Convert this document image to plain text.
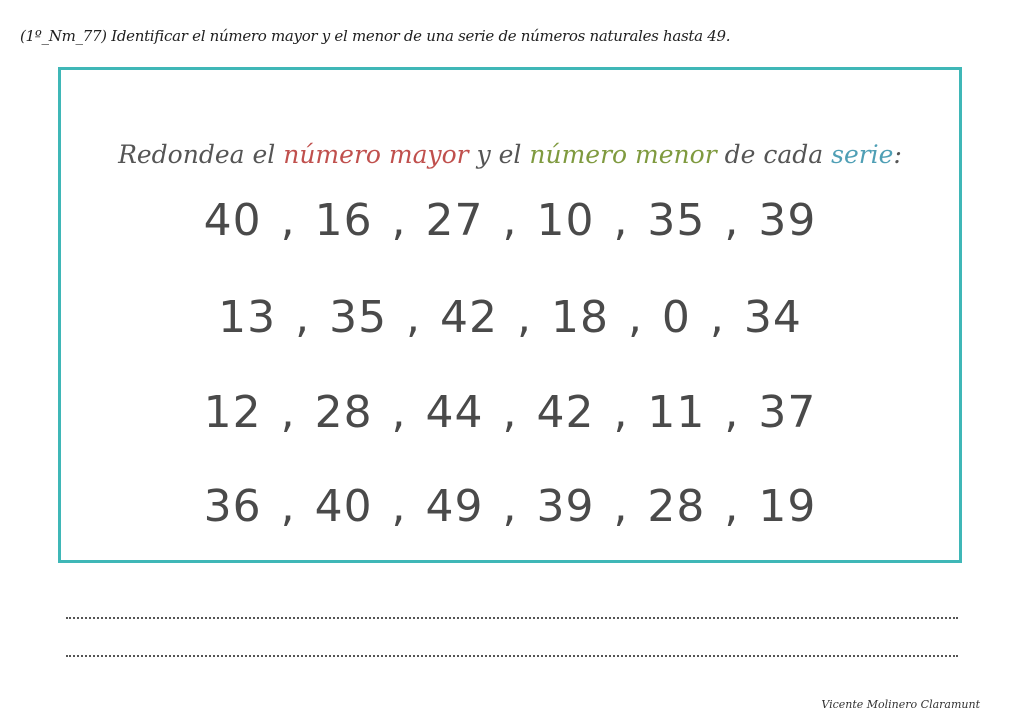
(1º_Nm_77) Identificar el número mayor y el menor de una serie de números naturales hasta 49.
Redondea el número mayor y el número menor de cada serie:
40 , 16 , 27 , 10 , 35 , 39
13 , 35 , 42 , 18 , 0 , 34
12 , 28 , 44 , 42 , 11 , 37
36 , 40 , 49 , 39 , 28 , 19
Vicente Molinero Claramunt
